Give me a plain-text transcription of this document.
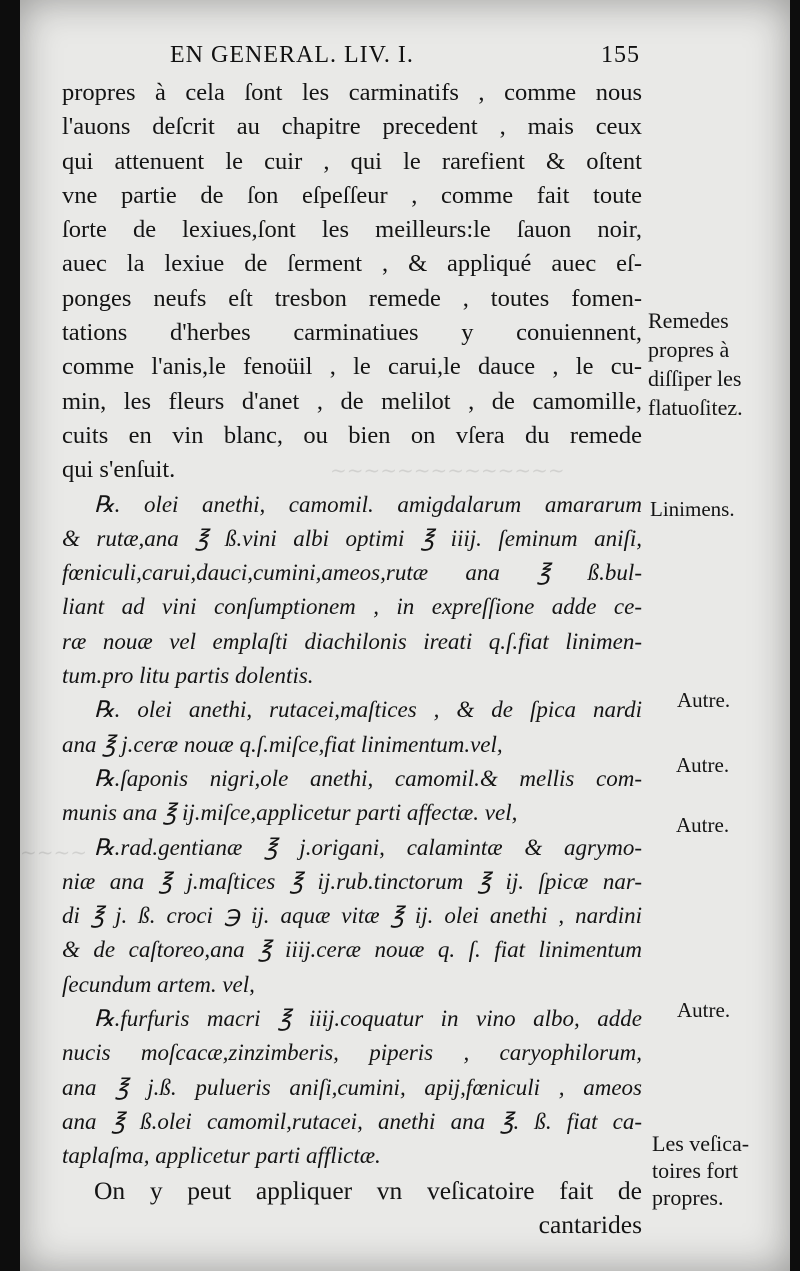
~~~~~~~~~~~~~~
~~~~
EN GENERAL. LIV. I.	155
propres à cela ſont les carminatifs , comme nous
l'auons deſcrit au chapitre precedent , mais ceux
qui attenuent le cuir , qui le rarefient & oſtent
vne partie de ſon eſpeſſeur , comme fait toute
ſorte de lexiues,ſont les meilleurs:le ſauon noir,
auec la lexiue de ſerment , & appliqué auec eſ-
ponges neufs eſt tresbon remede , toutes fomen-
tations d'herbes carminatiues y conuiennent,
comme l'anis,le fenoüil , le carui,le dauce , le cu-
min, les fleurs d'anet , de melilot , de camomille,
cuits en vin blanc, ou bien on vſera du remede
qui s'enſuit.
℞. olei anethi, camomil. amigdalarum amararum
& rutæ,ana ℥ ß.vini albi optimi ℥ iiij. ſeminum aniſi,
fœniculi,carui,dauci,cumini,ameos,rutæ ana ℥ ß.bul-
liant ad vini conſumptionem , in expreſſione adde ce-
ræ nouæ vel emplaſti diachilonis ireati q.ſ.fiat linimen-
tum.pro litu partis dolentis.
℞. olei anethi, rutacei,maſtices , & de ſpica nardi
ana ℥ j.ceræ nouæ q.ſ.miſce,fiat linimentum.vel,
℞.ſaponis nigri,ole anethi, camomil.& mellis com-
munis ana ℥ ij.miſce,applicetur parti affectæ. vel,
℞.rad.gentianæ ℥ j.origani, calamintæ & agrymo-
niæ ana ℥ j.maſtices ℥ ij.rub.tinctorum ℥ ij. ſpicæ nar-
di ℥ j. ß. croci ℈ ij. aquæ vitæ ℥ ij. olei anethi , nardini
& de caſtoreo,ana ℥ iiij.ceræ nouæ q. ſ. fiat linimentum
ſecundum artem. vel,
℞.furfuris macri ℥ iiij.coquatur in vino albo, adde
nucis moſcacæ,zinzimberis, piperis , caryophilorum,
ana ℥ j.ß. pulueris aniſi,cumini, apij,fœniculi , ameos
ana ℥ ß.olei camomil,rutacei, anethi ana ℥. ß. fiat ca-
taplaſma, applicetur parti afflictæ.
On y peut appliquer vn veſicatoire fait de
cantarides
Remedes
propres à
diſſiper les
flatuoſitez.
Linimens.
Autre.
Autre.
Autre.
Autre.
Les veſica-
toires fort
propres.
